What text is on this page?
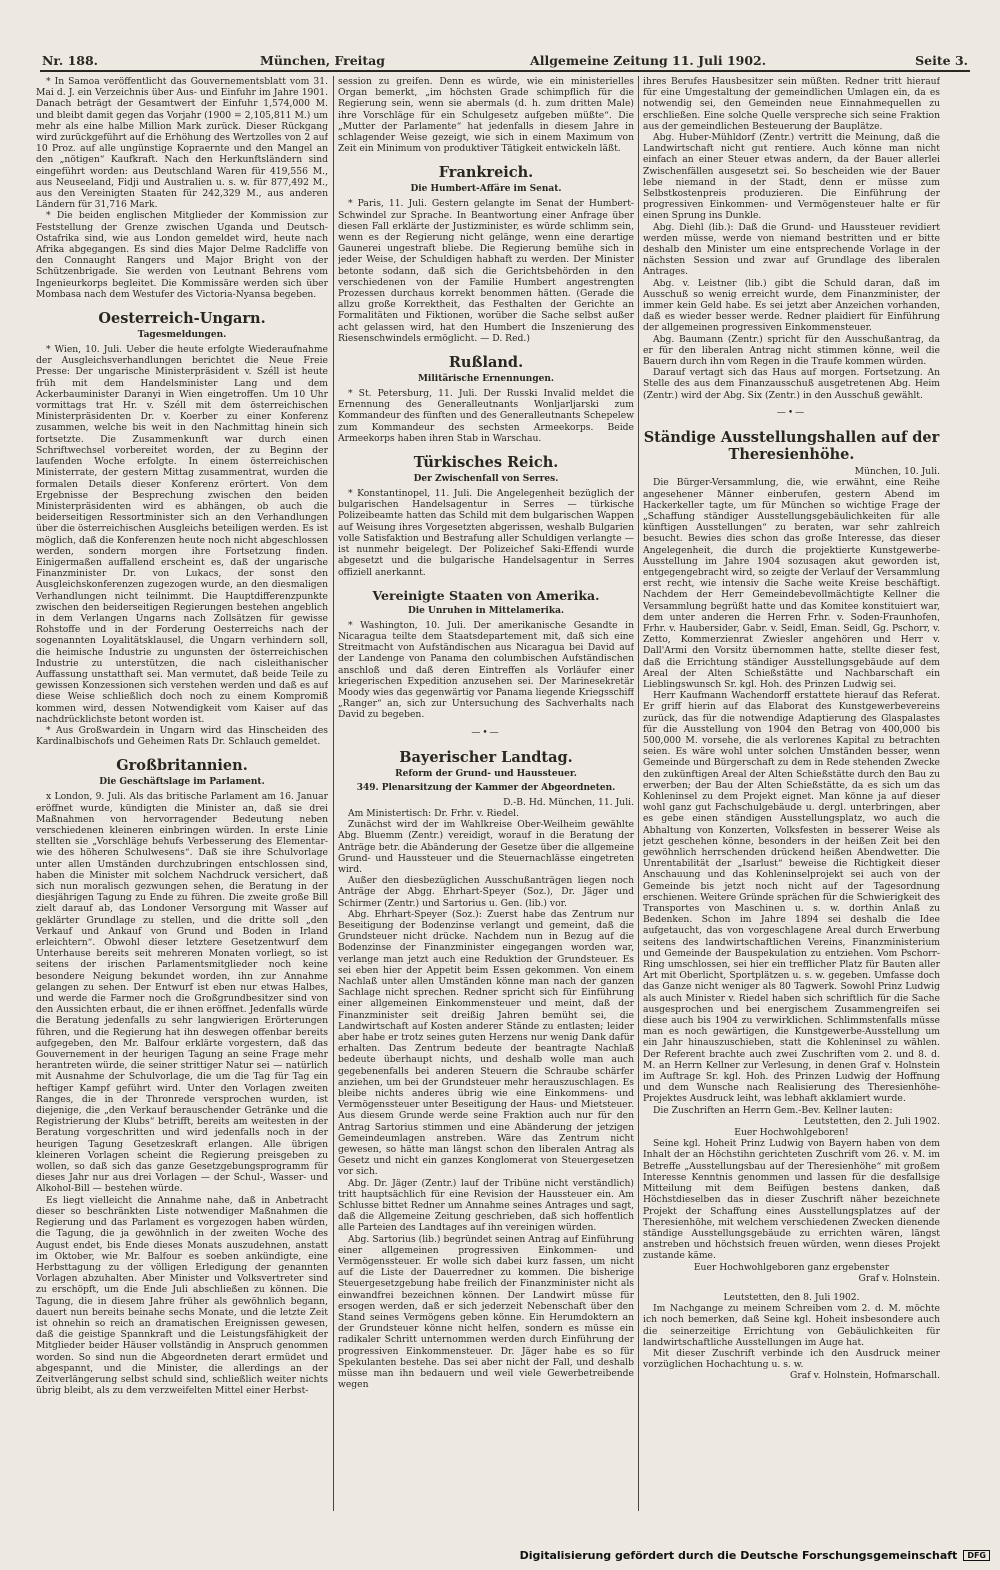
Nr. 188.	München, Freitag	Allgemeine Zeitung 11. Juli 1902.	Seite 3.

* In Samoa veröffentlicht das Gouvernementsblatt vom 31. Mai d. J. ein Verzeichnis über Aus- und Einfuhr im Jahre 1901. Danach beträgt der Gesamtwert der Einfuhr 1,574,000 M. und bleibt damit gegen das Vorjahr (1900 = 2,105,811 M.) um mehr als eine halbe Million Mark zurück. Dieser Rückgang wird zurückgeführt auf die Erhöhung des Wertzolles von 2 auf 10 Proz. auf alle ungünstige Kopraernte und den Mangel an den „nötigen“ Kaufkraft. Nach den Herkunftsländern sind eingeführt worden: aus Deutschland Waren für 419,556 M., aus Neuseeland, Fidji und Australien u. s. w. für 877,492 M., aus den Vereinigten Staaten für 242,329 M., aus anderen Ländern für 31,716 Mark.

* Die beiden englischen Mitglieder der Kommission zur Feststellung der Grenze zwischen Uganda und Deutsch-Ostafrika sind, wie aus London gemeldet wird, heute nach Afrika abgegangen. Es sind dies Major Delme Radcliffe von den Connaught Rangers und Major Bright von der Schützenbrigade. Sie werden von Leutnant Behrens vom Ingenieurkorps begleitet. Die Kommissäre werden sich über Mombasa nach dem Westufer des Victoria-Nyansa begeben.

Oesterreich-Ungarn.
Tagesmeldungen.

* Wien, 10. Juli. Ueber die heute erfolgte Wiederaufnahme der Ausgleichsverhandlungen berichtet die Neue Freie Presse: Der ungarische Ministerpräsident v. Széll ist heute früh mit dem Handelsminister Lang und dem Ackerbauminister Daranyi in Wien eingetroffen. Um 10 Uhr vormittags trat Hr. v. Széll mit dem österreichischen Ministerpräsidenten Dr. v. Koerber zu einer Konferenz zusammen, welche bis weit in den Nachmittag hinein sich fortsetzte. Die Zusammenkunft war durch einen Schriftwechsel vorbereitet worden, der zu Beginn der laufenden Woche erfolgte. In einem österreichischen Ministerrate, der gestern Mittag zusammentrat, wurden die formalen Details dieser Konferenz erörtert. Von dem Ergebnisse der Besprechung zwischen den beiden Ministerpräsidenten wird es abhängen, ob auch die beiderseitigen Ressortminister sich an den Verhandlungen über die österreichischen Ausgleichs beteiligen werden. Es ist möglich, daß die Konferenzen heute noch nicht abgeschlossen werden, sondern morgen ihre Fortsetzung finden. Einigermaßen auffallend erscheint es, daß der ungarische Finanzminister Dr. von Lukacs, der sonst den Ausgleichskonferenzen zugezogen wurde, an den diesmaligen Verhandlungen nicht teilnimmt. Die Hauptdifferenzpunkte zwischen den beiderseitigen Regierungen bestehen angeblich in dem Verlangen Ungarns nach Zollsätzen für gewisse Rohstoffe und in der Forderung Oesterreichs nach der sogenannten Loyalitätsklausel, die Ungarn verhindern soll, die heimische Industrie zu ungunsten der österreichischen Industrie zu unterstützen, die nach cisleithanischer Auffassung unstatthaft sei. Man vermutet, daß beide Teile zu gewissen Konzessionen sich verstehen werden und daß es auf diese Weise schließlich doch noch zu einem Kompromiß kommen wird, dessen Notwendigkeit vom Kaiser auf das nachdrücklichste betont worden ist.

* Aus Großwardein in Ungarn wird das Hinscheiden des Kardinalbischofs und Geheimen Rats Dr. Schlauch gemeldet.

Großbritannien.
Die Geschäftslage im Parlament.

x London, 9. Juli. Als das britische Parlament am 16. Januar eröffnet wurde, kündigten die Minister an, daß sie drei Maßnahmen von hervorragender Bedeutung neben verschiedenen kleineren einbringen würden. In erste Linie stellten sie „Vorschläge behufs Verbesserung des Elementar- wie des höheren Schulwesens“. Daß sie ihre Schulvorlage unter allen Umständen durchzubringen entschlossen sind, haben die Minister mit solchem Nachdruck versichert, daß sich nun moralisch gezwungen sehen, die Beratung in der diesjährigen Tagung zu Ende zu führen. Die zweite große Bill zielt darauf ab, das Londoner Versorgung mit Wasser auf geklärter Grundlage zu stellen, und die dritte soll „den Verkauf und Ankauf von Grund und Boden in Irland erleichtern“. Obwohl dieser letztere Gesetzentwurf dem Unterhause bereits seit mehreren Monaten vorliegt, so ist seitens der irischen Parlamentsmitglieder noch keine besondere Neigung bekundet worden, ihn zur Annahme gelangen zu sehen. Der Entwurf ist eben nur etwas Halbes, und werde die Farmer noch die Großgrundbesitzer sind von den Aussichten erbaut, die er ihnen eröffnet. Jedenfalls würde die Beratung jedenfalls zu sehr langwierigen Erörterungen führen, und die Regierung hat ihn deswegen offenbar bereits aufgegeben, den Mr. Balfour erklärte vorgestern, daß das Gouvernement in der heurigen Tagung an seine Frage mehr herantreten würde, die seiner strittiger Natur sei — natürlich mit Ausnahme der Schulvorlage, die um die Tag für Tag ein heftiger Kampf geführt wird. Unter den Vorlagen zweiten Ranges, die in der Thronrede versprochen wurden, ist diejenige, die „den Verkauf berauschender Getränke und die Registrierung der Klubs“ betrifft, bereits am weitesten in der Beratung vorgeschritten und wird jedenfalls noch in der heurigen Tagung Gesetzeskraft erlangen. Alle übrigen kleineren Vorlagen scheint die Regierung preisgeben zu wollen, so daß sich das ganze Gesetzgebungsprogramm für dieses Jahr nur aus drei Vorlagen — der Schul-, Wasser- und Alkohol-Bill — bestehen würde.

Es liegt vielleicht die Annahme nahe, daß in Anbetracht dieser so beschränkten Liste notwendiger Maßnahmen die Regierung und das Parlament es vorgezogen haben würden, die Tagung, die ja gewöhnlich in der zweiten Woche des August endet, bis Ende dieses Monats auszudehnen, anstatt im Oktober, wie Mr. Balfour es soeben ankündigte, eine Herbsttagung zu der völligen Erledigung der genannten Vorlagen abzuhalten. Aber Minister und Volksvertreter sind zu erschöpft, um die Ende Juli abschließen zu können. Die Tagung, die in diesem Jahre früher als gewöhnlich begann, dauert nun bereits beinahe sechs Monate, und die letzte Zeit ist ohnehin so reich an dramatischen Ereignissen gewesen, daß die geistige Spannkraft und die Leistungsfähigkeit der Mitglieder beider Häuser vollständig in Anspruch genommen worden. So sind nun die Abgeordneten derart ermüdet und abgespannt, und die Minister, die allerdings an der Zeitverlängerung selbst schuld sind, schließlich weiter nichts übrig bleibt, als zu dem verzweifelten Mittel einer Herbst-

session zu greifen. Denn es würde, wie ein ministerielles Organ bemerkt, „im höchsten Grade schimpflich für die Regierung sein, wenn sie abermals (d. h. zum dritten Male) ihre Vorschläge für ein Schulgesetz aufgeben müßte“. Die „Mutter der Parlamente“ hat jedenfalls in diesem Jahre in schlagender Weise gezeigt, wie sich in einem Maximum von Zeit ein Minimum von produktiver Tätigkeit entwickeln läßt.

Frankreich.
Die Humbert-Affäre im Senat.

* Paris, 11. Juli. Gestern gelangte im Senat der Humbert-Schwindel zur Sprache. In Beantwortung einer Anfrage über diesen Fall erklärte der Justizminister, es würde schlimm sein, wenn es der Regierung nicht gelänge, wenn eine derartige Gaunerei ungestraft bliebe. Die Regierung bemühe sich in jeder Weise, der Schuldigen habhaft zu werden. Der Minister betonte sodann, daß sich die Gerichtsbehörden in den verschiedenen von der Familie Humbert angestrengten Prozessen durchaus korrekt benommen hätten. (Gerade die allzu große Korrektheit, das Festhalten der Gerichte an Formalitäten und Fiktionen, worüber die Sache selbst außer acht gelassen wird, hat den Humbert die Inszenierung des Riesenschwindels ermöglicht. — D. Red.)

Rußland.
Militärische Ernennungen.

* St. Petersburg, 11. Juli. Der Russki Invalid meldet die Ernennung des Generalleutnants Wonljarljarski zum Kommandeur des fünften und des Generalleutnants Schepelew zum Kommandeur des sechsten Armeekorps. Beide Armeekorps haben ihren Stab in Warschau.

Türkisches Reich.
Der Zwischenfall von Serres.

* Konstantinopel, 11. Juli. Die Angelegenheit bezüglich der bulgarischen Handelsagentur in Serres — türkische Polizeibeamte hatten das Schild mit dem bulgarischen Wappen auf Weisung ihres Vorgesetzten abgerissen, weshalb Bulgarien volle Satisfaktion und Bestrafung aller Schuldigen verlangte — ist nunmehr beigelegt. Der Polizeichef Saki-Effendi wurde abgesetzt und die bulgarische Handelsagentur in Serres offiziell anerkannt.

Vereinigte Staaten von Amerika.
Die Unruhen in Mittelamerika.

* Washington, 10. Juli. Der amerikanische Gesandte in Nicaragua teilte dem Staatsdepartement mit, daß sich eine Streitmacht von Aufständischen aus Nicaragua bei David auf der Landenge von Panama den columbischen Aufständischen anschloß und daß deren Eintreffen als Vorläufer einer kriegerischen Expedition anzusehen sei. Der Marinesekretär Moody wies das gegenwärtig vor Panama liegende Kriegsschiff „Ranger“ an, sich zur Untersuchung des Sachverhalts nach David zu begeben.

—•—
Bayerischer Landtag.
Reform der Grund- und Haussteuer.
349. Plenarsitzung der Kammer der Abgeordneten.

D.-B. Hd. München, 11. Juli.

Am Ministertisch: Dr. Frhr. v. Riedel.

Zunächst wird der im Wahlkreise Ober-Weilheim gewählte Abg. Bluemm (Zentr.) vereidigt, worauf in die Beratung der Anträge betr. die Abänderung der Gesetze über die allgemeine Grund- und Haussteuer und die Steuernachlässe eingetreten wird.

Außer den diesbezüglichen Ausschußanträgen liegen noch Anträge der Abgg. Ehrhart-Speyer (Soz.), Dr. Jäger und Schirmer (Zentr.) und Sartorius u. Gen. (lib.) vor.

Abg. Ehrhart-Speyer (Soz.): Zuerst habe das Zentrum nur Beseitigung der Bodenzinse verlangt und gemeint, daß die Grundsteuer nicht drücke. Nachdem nun in Bezug auf die Bodenzinse der Finanzminister eingegangen worden war, verlange man jetzt auch eine Reduktion der Grundsteuer. Es sei eben hier der Appetit beim Essen gekommen. Von einem Nachlaß unter allen Umständen könne man nach der ganzen Sachlage nicht sprechen. Redner spricht sich für Einführung einer allgemeinen Einkommensteuer und meint, daß der Finanzminister seit dreißig Jahren bemüht sei, die Landwirtschaft auf Kosten anderer Stände zu entlasten; leider aber habe er trotz seines guten Herzens nur wenig Dank dafür erhalten. Das Zentrum bedeute der beantragte Nachlaß bedeute überhaupt nichts, und deshalb wolle man auch gegebenenfalls bei anderen Steuern die Schraube schärfer anziehen, um bei der Grundsteuer mehr herauszuschlagen. Es bleibe nichts anderes übrig wie eine Einkommens- und Vermögenssteuer unter Beseitigung der Haus- und Mietsteuer. Aus diesem Grunde werde seine Fraktion auch nur für den Antrag Sartorius stimmen und eine Abänderung der jetzigen Gemeindeumlagen anstreben. Wäre das Zentrum nicht gewesen, so hätte man längst schon den liberalen Antrag als Gesetz und nicht ein ganzes Konglomerat von Steuergesetzen vor sich.

Abg. Dr. Jäger (Zentr.) lauf der Tribüne nicht verständlich) tritt hauptsächlich für eine Revision der Haussteuer ein. Am Schlusse bittet Redner um Annahme seines Antrages und sagt, daß die Allgemeine Zeitung geschrieben, daß sich hoffentlich alle Parteien des Landtages auf ihn vereinigen würden.

Abg. Sartorius (lib.) begründet seinen Antrag auf Einführung einer allgemeinen progressiven Einkommen- und Vermögenssteuer. Er wolle sich dabei kurz fassen, um nicht auf die Liste der Dauerredner zu kommen. Die bisherige Steuergesetzgebung habe freilich der Finanzminister nicht als einwandfrei bezeichnen können. Der Landwirt müsse für ersogen werden, daß er sich jederzeit Nebenschaft über den Stand seines Vermögens geben könne. Ein Herumdoktern an der Grundsteuer könne nicht helfen, sondern es müsse ein radikaler Schritt unternommen werden durch Einführung der progressiven Einkommensteuer. Dr. Jäger habe es so für Spekulanten bestehe. Das sei aber nicht der Fall, und deshalb müsse man ihn bedauern und weil viele Gewerbetreibende wegen

ihres Berufes Hausbesitzer sein müßten. Redner tritt hierauf für eine Umgestaltung der gemeindlichen Umlagen ein, da es notwendig sei, den Gemeinden neue Einnahmequellen zu erschließen. Eine solche Quelle verspreche sich seine Fraktion aus der gemeindlichen Besteuerung der Bauplätze.

Abg. Huber-Mühldorf (Zentr.) vertritt die Meinung, daß die Landwirtschaft nicht gut rentiere. Auch könne man nicht einfach an einer Steuer etwas andern, da der Bauer allerlei Zwischenfällen ausgesetzt sei. So bescheiden wie der Bauer lebe niemand in der Stadt, denn er müsse zum Selbstkostenpreis produzieren. Die Einführung der progressiven Einkommen- und Vermögensteuer halte er für einen Sprung ins Dunkle.

Abg. Diehl (lib.): Daß die Grund- und Haussteuer revidiert werden müsse, werde von niemand bestritten und er bitte deshalb den Minister um eine entsprechende Vorlage in der nächsten Session und zwar auf Grundlage des liberalen Antrages.

Abg. v. Leistner (lib.) gibt die Schuld daran, daß im Ausschuß so wenig erreicht wurde, dem Finanzminister, der immer kein Geld habe. Es sei jetzt aber Anzeichen vorhanden, daß es wieder besser werde. Redner plaidiert für Einführung der allgemeinen progressiven Einkommensteuer.

Abg. Baumann (Zentr.) spricht für den Ausschußantrag, da er für den liberalen Antrag nicht stimmen könne, weil die Bauern durch ihn vom Regen in die Traufe kommen würden.

Darauf vertagt sich das Haus auf morgen. Fortsetzung. An Stelle des aus dem Finanzausschuß ausgetretenen Abg. Heim (Zentr.) wird der Abg. Six (Zentr.) in den Ausschuß gewählt.

—•—
Ständige Ausstellungshallen auf der Theresienhöhe.

München, 10. Juli.

Die Bürger-Versammlung, die, wie erwähnt, eine Reihe angesehener Männer einberufen, gestern Abend im Hackerkeller tagte, um für München so wichtige Frage der „Schaffung ständiger Ausstellungsgebäulichkeiten für alle künftigen Ausstellungen“ zu beraten, war sehr zahlreich besucht. Bewies dies schon das große Interesse, das dieser Angelegenheit, die durch die projektierte Kunstgewerbe-Ausstellung im Jahre 1904 sozusagen akut geworden ist, entgegengebracht wird, so zeigte der Verlauf der Versammlung erst recht, wie intensiv die Sache weite Kreise beschäftigt. Nachdem der Herr Gemeindebevollmächtigte Kellner die Versammlung begrüßt hatte und das Komitee konstituiert war, dem unter anderen die Herren Frhr. v. Soden-Fraunhofen, Frhr. v. Haubersider, Gabr. v. Seidl, Eman. Seidl, Gg. Pschorr, v. Zetto, Kommerzienrat Zwiesler angehören und Herr v. Dall'Armi den Vorsitz übernommen hatte, stellte dieser fest, daß die Errichtung ständiger Ausstellungsgebäude auf dem Areal der Alten Schießstätte und Nachbarschaft ein Lieblingswunsch Sr. kgl. Hoh. des Prinzen Ludwig sei.

Herr Kaufmann Wachendorff erstattete hierauf das Referat. Er griff hierin auf das Elaborat des Kunstgewerbevereins zurück, das für die notwendige Adaptierung des Glaspalastes für die Ausstellung von 1904 den Betrag von 400,000 bis 500,000 M. vorsehe, die als verlorenes Kapital zu betrachten seien. Es wäre wohl unter solchen Umständen besser, wenn Gemeinde und Bürgerschaft zu dem in Rede stehenden Zwecke den zukünftigen Areal der Alten Schießstätte durch den Bau zu erwerben; der Bau der Alten Schießstätte, da es sich um das Kohleninsel zu dem Projekt eignet. Man könne ja auf dieser wohl ganz gut Fachschulgebäude u. dergl. unterbringen, aber es gebe einen ständigen Ausstellungsplatz, wo auch die Abhaltung von Konzerten, Volksfesten in besserer Weise als jetzt geschehen könne, besonders in der heißen Zeit bei den gewöhnlich herrschenden drückend heißen Abendwetter. Die Unrentabilität der „Isarlust“ beweise die Richtigkeit dieser Anschauung und das Kohleninselprojekt sei auch von der Gemeinde bis jetzt noch nicht auf der Tagesordnung erschienen. Weitere Gründe sprächen für die Schwierigkeit des Transportes von Maschinen u. s. w. dorthin Anlaß zu Bedenken. Schon im Jahre 1894 sei deshalb die Idee aufgetaucht, das von vorgeschlagene Areal durch Erwerbung seitens des landwirtschaftlichen Vereins, Finanzministerium und Gemeinde der Bauspekulation zu entziehen. Vom Pschorr-Ring umschlossen, sei hier ein trefflicher Platz für Bauten aller Art mit Oberlicht, Sportplätzen u. s. w. gegeben. Umfasse doch das Ganze nicht weniger als 80 Tagwerk. Sowohl Prinz Ludwig als auch Minister v. Riedel haben sich schriftlich für die Sache ausgesprochen und bei energischem Zusammengreifen sei diese auch bis 1904 zu verwirklichen. Schlimmstenfalls müsse man es noch gewärtigen, die Kunstgewerbe-Ausstellung um ein Jahr hinauszuschieben, statt die Kohleninsel zu wählen. Der Referent brachte auch zwei Zuschriften vom 2. und 8. d. M. an Herrn Kellner zur Verlesung, in denen Graf v. Holnstein im Auftrage Sr. kgl. Hoh. des Prinzen Ludwig der Hoffnung und dem Wunsche nach Realisierung des Theresienhöhe-Projektes Ausdruck leiht, was lebhaft akklamiert wurde.

Die Zuschriften an Herrn Gem.-Bev. Kellner lauten:

Leutstetten, den 2. Juli 1902.

Euer Hochwohlgeboren!

Seine kgl. Hoheit Prinz Ludwig von Bayern haben von dem Inhalt der an Höchstihn gerichteten Zuschrift vom 26. v. M. im Betreffe „Ausstellungsbau auf der Theresienhöhe“ mit großem Interesse Kenntnis genommen und lassen für die desfallsige Mitteilung mit dem Beifügen bestens danken, daß Höchstdieselben das in dieser Zuschrift näher bezeichnete Projekt der Schaffung eines Ausstellungsplatzes auf der Theresienhöhe, mit welchem verschiedenen Zwecken dienende ständige Ausstellungsgebäude zu errichten wären, längst anstreben und höchstsich freuen würden, wenn dieses Projekt zustande käme.

Euer Hochwohlgeboren ganz ergebenster

Graf v. Holnstein.

Leutstetten, den 8. Juli 1902.

Im Nachgange zu meinem Schreiben vom 2. d. M. möchte ich noch bemerken, daß Seine kgl. Hoheit insbesondere auch die seinerzeitige Errichtung von Gebäulichkeiten für landwirtschaftliche Ausstellungen im Auge hat.

Mit dieser Zuschrift verbinde ich den Ausdruck meiner vorzüglichen Hochachtung u. s. w.

Graf v. Holnstein, Hofmarschall.

Digitalisierung gefördert durch die Deutsche Forschungsgemeinschaft	DFG
